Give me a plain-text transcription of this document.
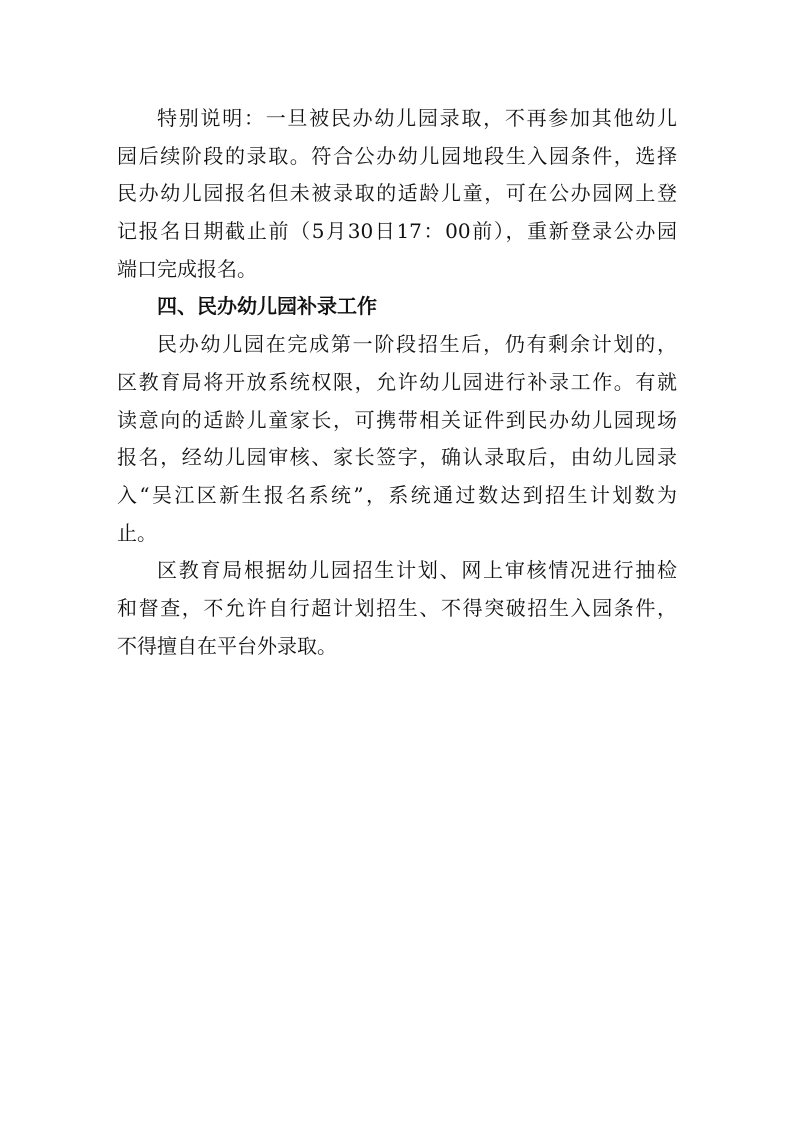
特别说明：一旦被民办幼儿园录取，不再参加其他幼儿

园后续阶段的录取。符合公办幼儿园地段生入园条件，选择

民办幼儿园报名但未被录取的适龄儿童，可在公办园网上登

记报名日期截止前（5月30日17：00前），重新登录公办园

端口完成报名。

四、民办幼儿园补录工作

民办幼儿园在完成第一阶段招生后，仍有剩余计划的，

区教育局将开放系统权限，允许幼儿园进行补录工作。有就

读意向的适龄儿童家长，可携带相关证件到民办幼儿园现场

报名，经幼儿园审核、家长签字，确认录取后，由幼儿园录

入“吴江区新生报名系统”，系统通过数达到招生计划数为

止。

区教育局根据幼儿园招生计划、网上审核情况进行抽检

和督查，不允许自行超计划招生、不得突破招生入园条件，

不得擅自在平台外录取。
